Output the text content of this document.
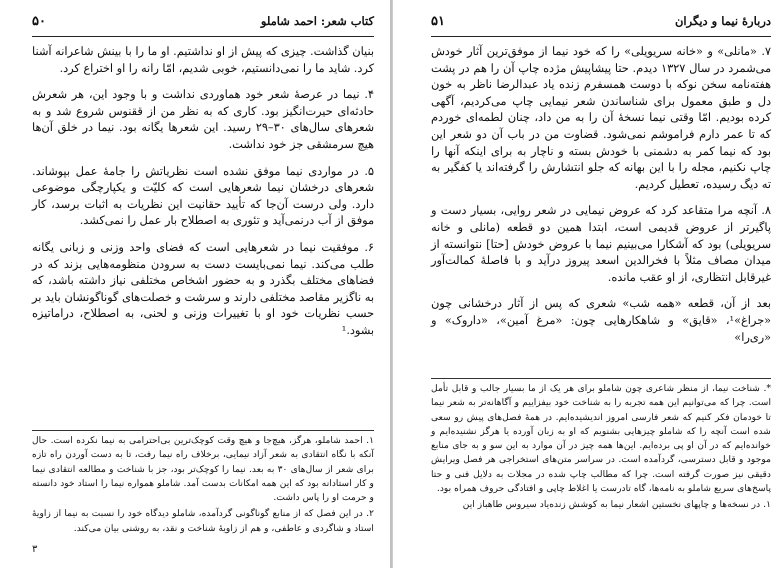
کتاب شعر: احمد شاملو
۵۰

بنیان گذاشت. چیزی که پیش از او نداشتیم. او ما را با بینش شاعرانه آشنا کرد. شاید ما را نمی‌دانستیم، خوبی شدیم، امّا رانه را او اختراع کرد.

۴. نیما در عرصهٔ شعر خود هماوردی نداشت و با وجود این، هر شعرش حادثه‌ای حیرت‌انگیز بود. کاری که به نظر من از ققنوس شروع شد و به شعرهای سال‌های ۳۰–۲۹ رسید. این شعرها یگانه بود. نیما در خلق آن‌ها هیچ سرمشقی جز خود نداشت.

۵. در مواردی نیما موفق نشده است نظریاتش را جامهٔ عمل بپوشاند. شعرهای درخشان نیما شعرهایی است که کلیّت و یکپارچگی موضوعی دارد. ولی درست آن‌جا که تأیید حقانیت این نظریات به اثبات برسد، کار موفق از آب درنمی‌آید و تئوری به اصطلاح بار عمل را نمی‌کشد.

۶. موفقیت نیما در شعرهایی است که فضای واحد وزنی و زبانی یگانه طلب می‌کند. نیما نمی‌بایست دست به سرودن منظومه‌هایی بزند که در فضاهای مختلف بگذرد و به حضور اشخاص مختلفی نیاز داشته باشد، که به ناگزیر مقاصد مختلفی دارند و سرشت و خصلت‌های گوناگونشان باید بر حسب نظریات خود او با تغییرات وزنی و لحنی، به اصطلاح، دراماتیزه بشود.¹

۱. احمد شاملو، هرگز، هیچ‌جا و هیچ وقت کوچک‌ترین بی‌احترامی به نیما نکرده است. حال آنکه با نگاه انتقادی به شعر آزاد نیمایی، برخلاف راه نیما رفت، تا به دست آوردن راه تازه برای شعر از سال‌های ۳۰ به بعد. نیما را کوچک‌تر بود، جز با شناخت و مطالعه انتقادی نیما و کار استادانه بود که این همه امکانات بدست آمد. شاملو همواره نیما را استاد خود دانسته و حرمت او را پاس داشت.

۲. در این فصل که از منابع گوناگونی گردآمده، شاملو دیدگاه خود را نسبت به نیما از زاویهٔ استاد و شاگردی و عاطفی، و هم از زاویهٔ شناخت و نقد، به روشنی بیان می‌کند.

۳
دربارهٔ نیما و دیگران
۵۱

۷. «مانلی» و «خانه سریویلی» را که خود نیما از موفق‌ترین آثار خودش می‌شمرد در سال ۱۳۲۷ دیدم. حتا پیشاپیش مژده چاپ آن را هم در پشت هفته‌نامه سخن نوکه با دوست همسفرم زنده یاد عبدالرضا ناظر به خون دل و طبق معمول برای شناساندن شعر نیمایی چاپ می‌کردیم، آگهی کرده بودیم. امّا وقتی نیما نسخهٔ آن را به من داد، چنان لطمه‌ای خوردم که تا عمر دارم فراموشم نمی‌شود. قضاوت من در باب آن دو شعر این بود که نیما کمر به دشمنی با خودش بسته و ناچار به برای اینکه آنها را چاپ نکنیم، مجله را با این بهانه که جلو انتشارش را گرفته‌اند یا کفگیر به ته دیگ رسیده، تعطیل کردیم.

۸. آنچه مرا متقاعد کرد که عروض نیمایی در شعر روایی، بسیار دست و پاگیرتر از عروض قدیمی است، ابتدا همین دو قطعه (مانلی و خانه سریویلی) بود که آشکارا می‌بینیم نیما با عروض خودش [حتا] نتوانسته از میدان مصاف مثلاً با فخرالدین اسعد پیروز درآید و با فاصلهٔ کمالت‌آور غیرقابل انتظاری، از او عقب مانده.

بعد از آن، قطعه «همه شب» شعری که پس از آثار درخشانی چون «جراغ»¹، «قایق» و شاهکارهایی چون: «مرغ آمین»، «داروک» و «ری‌را»

*. شناخت نیما، از منظر شاعری چون شاملو برای هر یک از ما بسیار جالب و قابل تأمل است. چرا که می‌توانیم این همه تجربه را به شناخت خود بیفزاییم و آگاهانه‌تر به شعر نیما تا خودمان فکر کنیم که شعر فارسی امروز اندیشیده‌ایم. در همهٔ فصل‌های پیش رو سعی شده است آنچه را که شاملو چیزهایی بشنویم که او به زبان آورده یا هرگز نشنیده‌ایم و خوانده‌ایم که در آن او پی برده‌ایم. این‌ها همه چیز در آن موارد به این سو و به جای منابع موجود و قابل دسترسی، گردآمده است. در سراسر متن‌های استخراجی هر فصل ویرایش دقیقی نیز صورت گرفته است. چرا که مطالب چاپ شده در مجلات به دلایل فنی و حتا پاسخ‌های سریع شاملو به نامه‌ها، گاه تادرست یا اغلاط چاپی و افتادگی حروف همراه بود.

۱. در نسخه‌ها و چاپهای نخستین اشعار نیما به کوشش زنده‌یاد سیروس طاهباز این
